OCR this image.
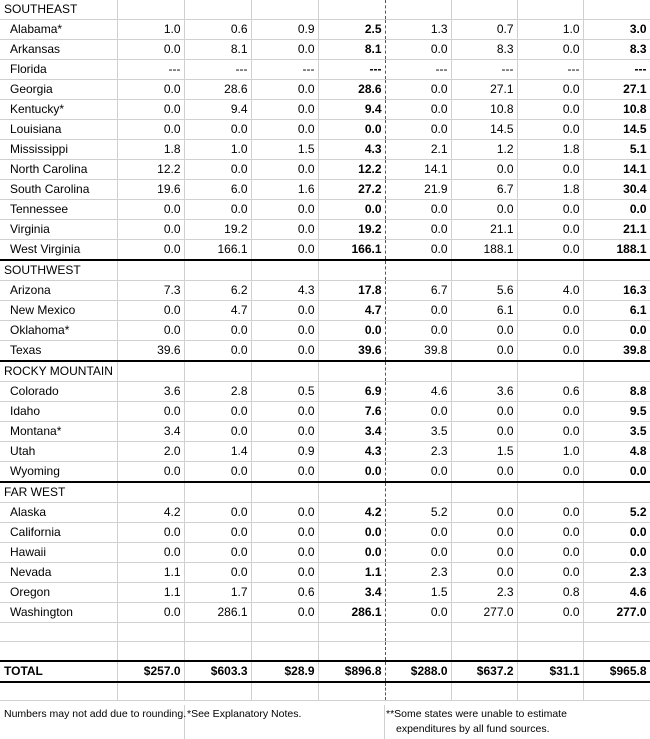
SOUTHEAST								
Alabama*	1.0	0.6	0.9	2.5	1.3	0.7	1.0	3.0
Arkansas	0.0	8.1	0.0	8.1	0.0	8.3	0.0	8.3
Florida	---	---	---	---	---	---	---	---
Georgia	0.0	28.6	0.0	28.6	0.0	27.1	0.0	27.1
Kentucky*	0.0	9.4	0.0	9.4	0.0	10.8	0.0	10.8
Louisiana	0.0	0.0	0.0	0.0	0.0	14.5	0.0	14.5
Mississippi	1.8	1.0	1.5	4.3	2.1	1.2	1.8	5.1
North Carolina	12.2	0.0	0.0	12.2	14.1	0.0	0.0	14.1
South Carolina	19.6	6.0	1.6	27.2	21.9	6.7	1.8	30.4
Tennessee	0.0	0.0	0.0	0.0	0.0	0.0	0.0	0.0
Virginia	0.0	19.2	0.0	19.2	0.0	21.1	0.0	21.1
West Virginia	0.0	166.1	0.0	166.1	0.0	188.1	0.0	188.1
SOUTHWEST								
Arizona	7.3	6.2	4.3	17.8	6.7	5.6	4.0	16.3
New Mexico	0.0	4.7	0.0	4.7	0.0	6.1	0.0	6.1
Oklahoma*	0.0	0.0	0.0	0.0	0.0	0.0	0.0	0.0
Texas	39.6	0.0	0.0	39.6	39.8	0.0	0.0	39.8
ROCKY MOUNTAIN								
Colorado	3.6	2.8	0.5	6.9	4.6	3.6	0.6	8.8
Idaho	0.0	0.0	0.0	7.6	0.0	0.0	0.0	9.5
Montana*	3.4	0.0	0.0	3.4	3.5	0.0	0.0	3.5
Utah	2.0	1.4	0.9	4.3	2.3	1.5	1.0	4.8
Wyoming	0.0	0.0	0.0	0.0	0.0	0.0	0.0	0.0
FAR WEST								
Alaska	4.2	0.0	0.0	4.2	5.2	0.0	0.0	5.2
California	0.0	0.0	0.0	0.0	0.0	0.0	0.0	0.0
Hawaii	0.0	0.0	0.0	0.0	0.0	0.0	0.0	0.0
Nevada	1.1	0.0	0.0	1.1	2.3	0.0	0.0	2.3
Oregon	1.1	1.7	0.6	3.4	1.5	2.3	0.8	4.6
Washington	0.0	286.1	0.0	286.1	0.0	277.0	0.0	277.0

TOTAL	$257.0	$603.3	$28.9	$896.8	$288.0	$637.2	$31.1	$965.8

Numbers may not add due to rounding. *See Explanatory Notes.	**Some states were unable to estimate
expenditures by all fund sources.
